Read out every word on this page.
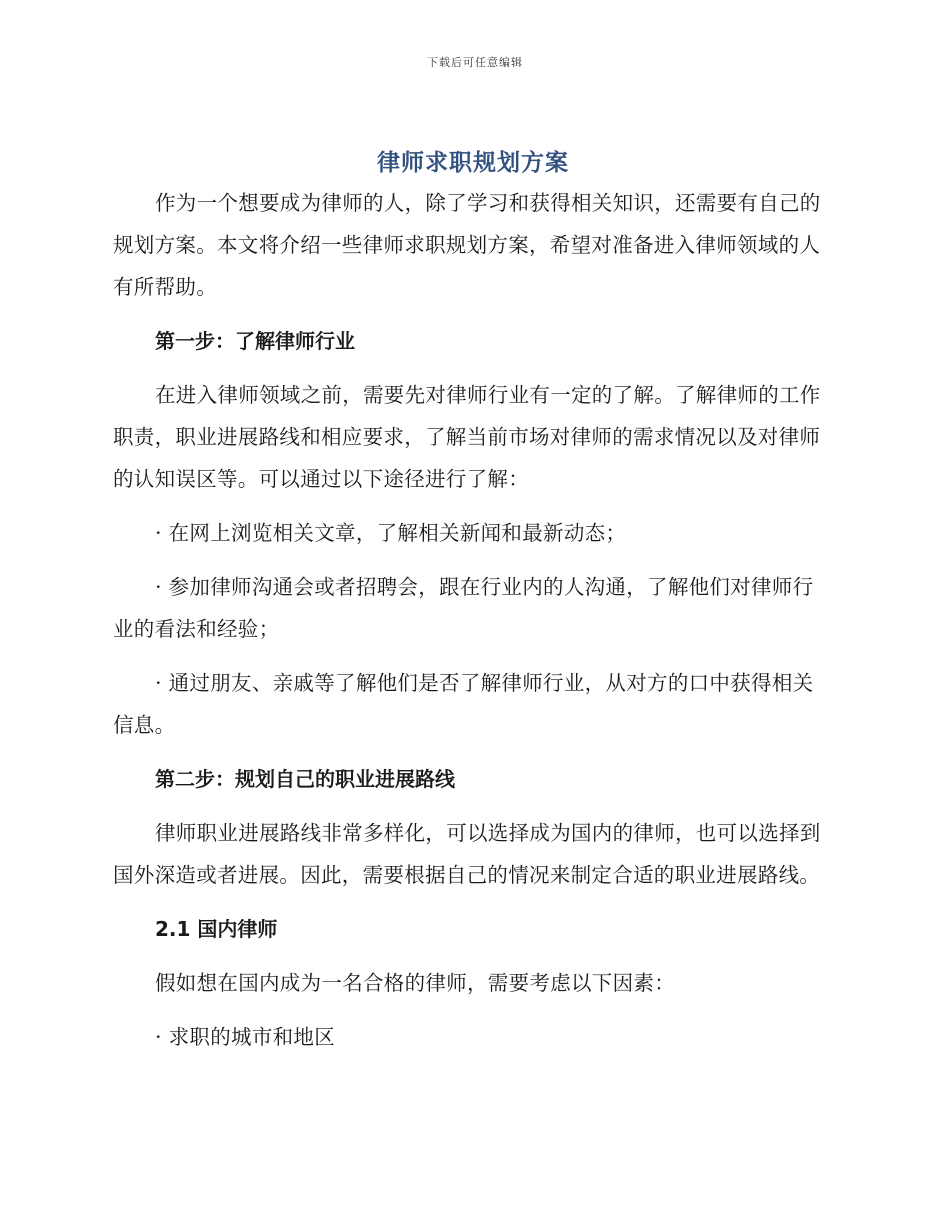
下载后可任意编辑
律师求职规划方案

作为一个想要成为律师的人，除了学习和获得相关知识，还需要有自己的规划方案。本文将介绍一些律师求职规划方案，希望对准备进入律师领域的人有所帮助。

第一步：了解律师行业

在进入律师领域之前，需要先对律师行业有一定的了解。了解律师的工作职责，职业进展路线和相应要求，了解当前市场对律师的需求情况以及对律师的认知误区等。可以通过以下途径进行了解：

· 在网上浏览相关文章，了解相关新闻和最新动态；

· 参加律师沟通会或者招聘会，跟在行业内的人沟通，了解他们对律师行业的看法和经验；

· 通过朋友、亲戚等了解他们是否了解律师行业，从对方的口中获得相关信息。

第二步：规划自己的职业进展路线

律师职业进展路线非常多样化，可以选择成为国内的律师，也可以选择到国外深造或者进展。因此，需要根据自己的情况来制定合适的职业进展路线。

2.1 国内律师

假如想在国内成为一名合格的律师，需要考虑以下因素：

· 求职的城市和地区
